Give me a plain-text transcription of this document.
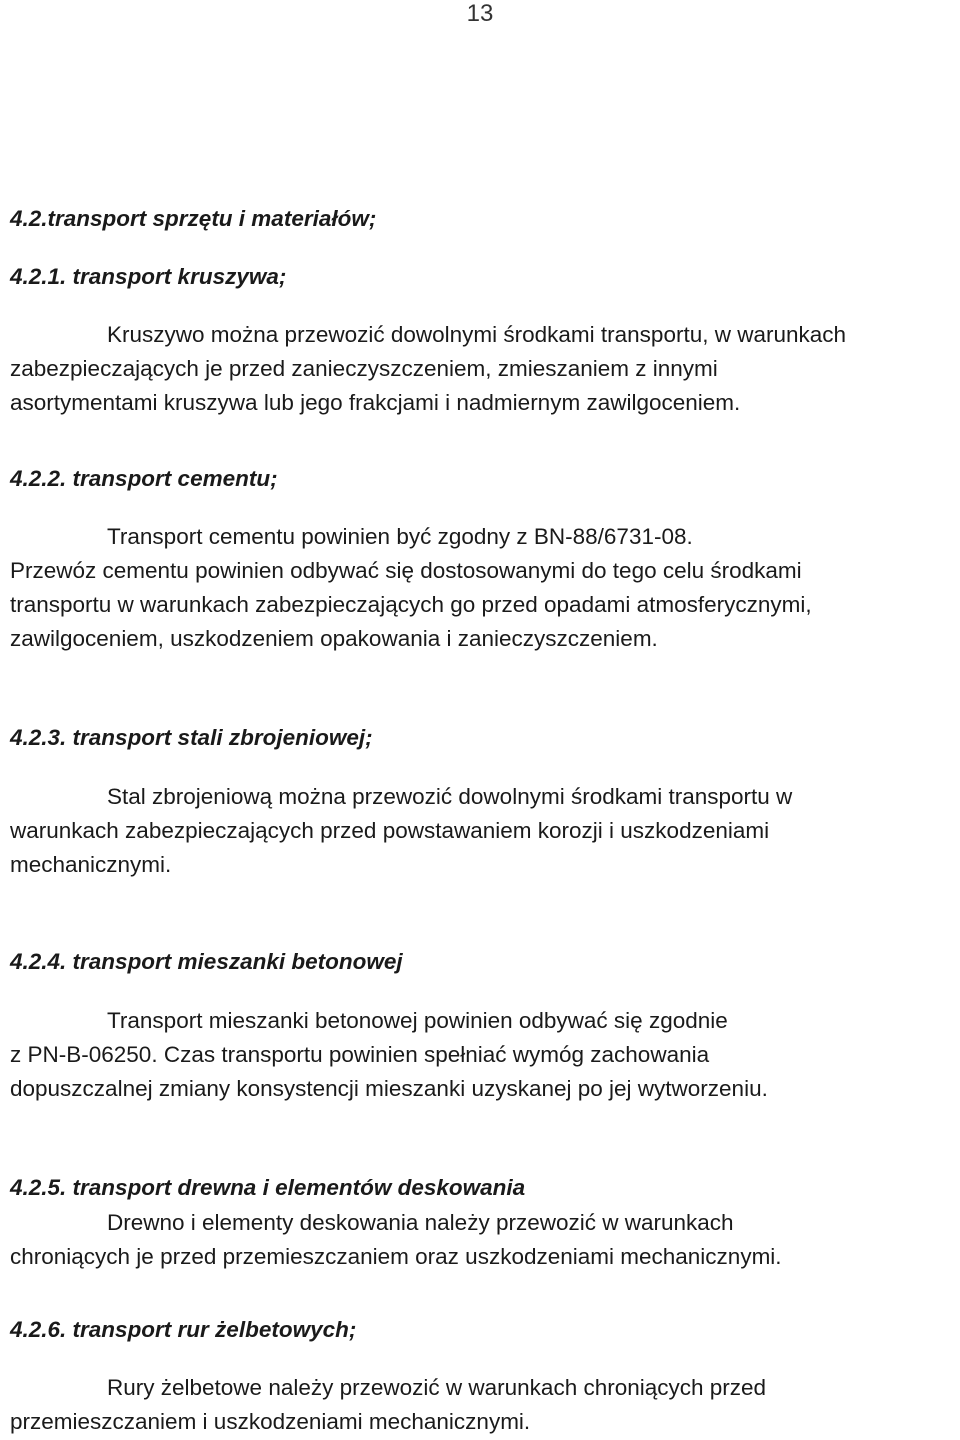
13
4.2.transport sprzętu i materiałów;
4.2.1. transport kruszywa;
Kruszywo można przewozić dowolnymi środkami transportu, w warunkach
zabezpieczających je przed zanieczyszczeniem, zmieszaniem z innymi
asortymentami kruszywa lub jego frakcjami i nadmiernym zawilgoceniem.
4.2.2. transport cementu;
Transport cementu powinien być zgodny z BN-88/6731-08.
Przewóz cementu powinien odbywać się dostosowanymi do tego celu środkami
transportu w warunkach zabezpieczających go przed opadami atmosferycznymi,
zawilgoceniem, uszkodzeniem opakowania i zanieczyszczeniem.
4.2.3. transport stali zbrojeniowej;
Stal zbrojeniową można przewozić dowolnymi środkami transportu w
warunkach zabezpieczających przed powstawaniem korozji i uszkodzeniami
mechanicznymi.
4.2.4. transport mieszanki betonowej
Transport mieszanki betonowej powinien odbywać się zgodnie
z PN-B-06250. Czas transportu powinien spełniać wymóg zachowania
dopuszczalnej zmiany konsystencji mieszanki uzyskanej po jej wytworzeniu.
4.2.5. transport drewna i elementów deskowania
Drewno i elementy deskowania należy przewozić w warunkach
chroniących je przed przemieszczaniem oraz uszkodzeniami mechanicznymi.
4.2.6. transport rur żelbetowych;
Rury żelbetowe należy przewozić w warunkach chroniących przed
przemieszczaniem i uszkodzeniami mechanicznymi.
